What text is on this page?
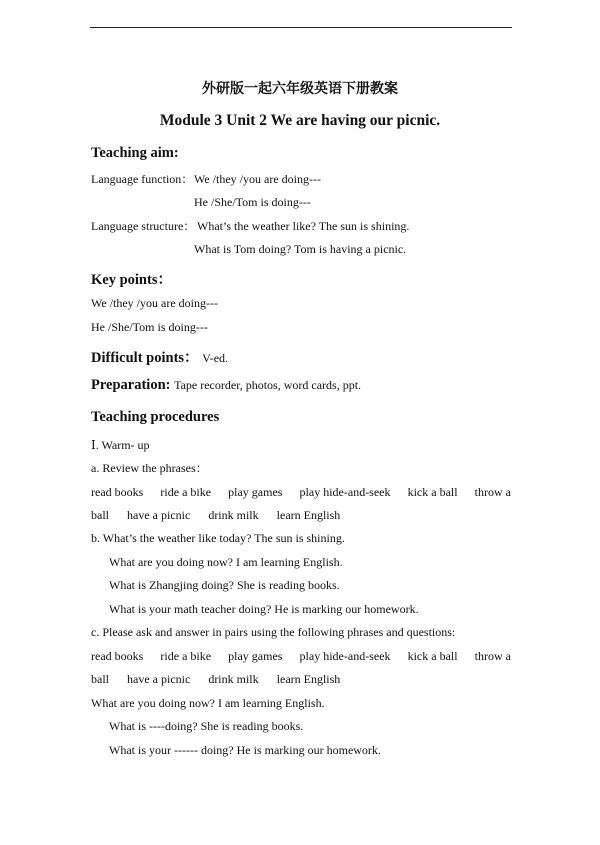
外研版一起六年级英语下册教案
Module 3 Unit 2 We are having our picnic.
Teaching aim:
Language function： We /they /you are doing---
He /She/Tom is doing---
Language structure： What’s the weather like? The sun is shining.
What is Tom doing? Tom is having a picnic.
Key points：
We /they /you are doing---
He /She/Tom is doing---
Difficult points： V-ed.
Preparation: Tape recorder, photos, word cards, ppt.
Teaching procedures
Ⅰ. Warm- up
a. Review the phrases：
read books ride a bike play games play hide-and-seek kick a ball throw a
ball have a picnic drink milk learn English
b. What’s the weather like today? The sun is shining.
What are you doing now? I am learning English.
What is Zhangjing doing? She is reading books.
What is your math teacher doing? He is marking our homework.
c. Please ask and answer in pairs using the following phrases and questions:
read books ride a bike play games play hide-and-seek kick a ball throw a
ball have a picnic drink milk learn English
What are you doing now? I am learning English.
What is ----doing? She is reading books.
What is your ------ doing? He is marking our homework.
